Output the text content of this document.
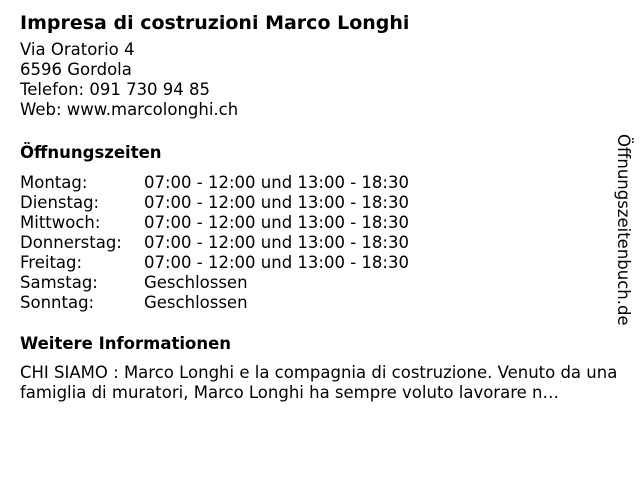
Impresa di costruzioni Marco Longhi
Via Oratorio 4
6596 Gordola
Telefon: 091 730 94 85
Web: www.marcolonghi.ch
Öffnungszeiten
Montag:	07:00 - 12:00 und 13:00 - 18:30
Dienstag:	07:00 - 12:00 und 13:00 - 18:30
Mittwoch:	07:00 - 12:00 und 13:00 - 18:30
Donnerstag:	07:00 - 12:00 und 13:00 - 18:30
Freitag:	07:00 - 12:00 und 13:00 - 18:30
Samstag:	Geschlossen
Sonntag:	Geschlossen
Weitere Informationen
CHI SIAMO : Marco Longhi e la compagnia di costruzione. Venuto da una famiglia di muratori, Marco Longhi ha sempre voluto lavorare n…
Öffnungszeitenbuch.de
